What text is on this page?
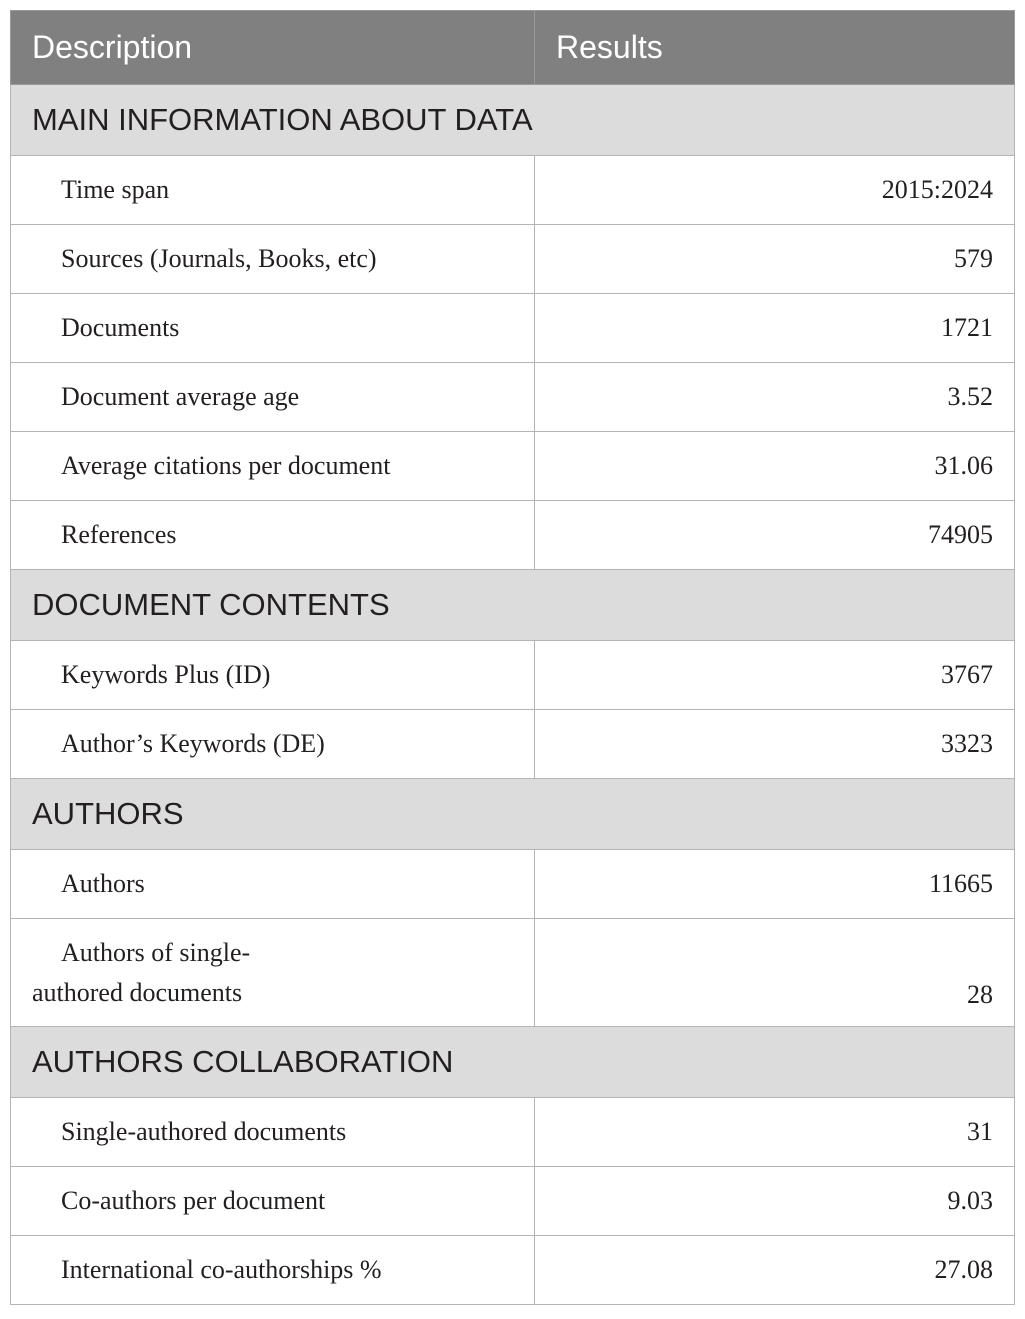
Description	Results
MAIN INFORMATION ABOUT DATA	
Time span	2015:2024
Sources (Journals, Books, etc)	579
Documents	1721
Document average age	3.52
Average citations per document	31.06
References	74905
DOCUMENT CONTENTS	
Keywords Plus (ID)	3767
Author’s Keywords (DE)	3323
AUTHORS	
Authors	11665

Authors of single-
authored documents	28
AUTHORS COLLABORATION	
Single-authored documents	31
Co-authors per document	9.03
International co-authorships %	27.08
